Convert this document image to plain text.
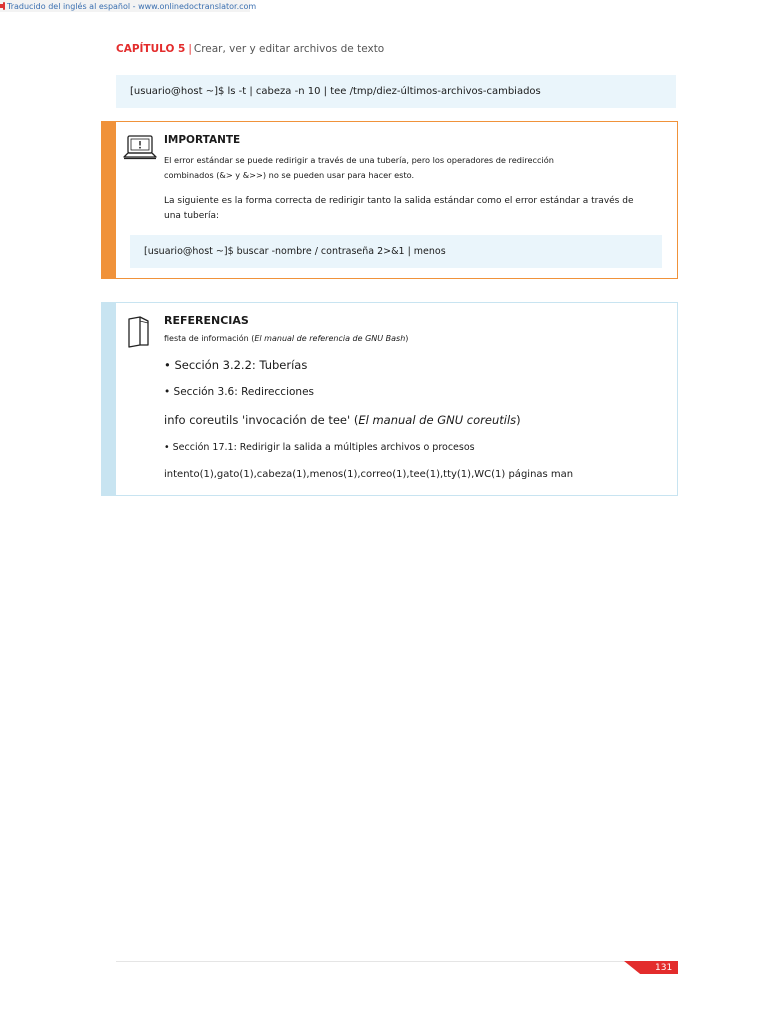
Traducido del inglés al español - www.onlinedoctranslator.com
CAPÍTULO 5 | Crear, ver y editar archivos de texto
[usuario@host ~]$ ls -t | cabeza -n 10 | tee /tmp/diez-últimos-archivos-cambiados
IMPORTANTE
El error estándar se puede redirigir a través de una tubería, pero los operadores de redirección combinados (&> y &>>) no se pueden usar para hacer esto.
La siguiente es la forma correcta de redirigir tanto la salida estándar como el error estándar a través de una tubería:
[usuario@host ~]$ buscar -nombre / contraseña 2>&1 | menos
REFERENCIAS
fiesta de información (El manual de referencia de GNU Bash)
• Sección 3.2.2: Tuberías
• Sección 3.6: Redirecciones
info coreutils 'invocación de tee' (El manual de GNU coreutils)
• Sección 17.1: Redirigir la salida a múltiples archivos o procesos
intento(1),gato(1),cabeza(1),menos(1),correo(1),tee(1),tty(1),WC(1) páginas man
131
